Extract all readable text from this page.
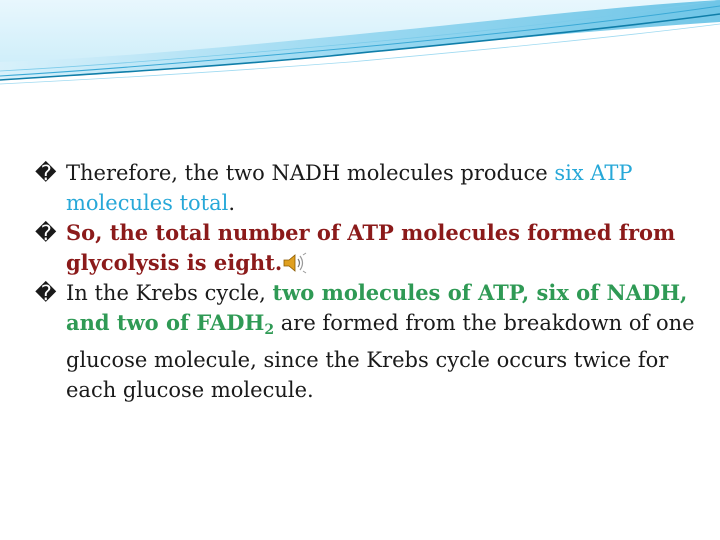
� Therefore, the two NADH molecules produce six ATP molecules total.

� So, the total number of ATP molecules formed from glycolysis is eight.

� In the Krebs cycle, two molecules of ATP, six of NADH, and two of $FADH_2$ are formed from the breakdown of one glucose molecule, since the Krebs cycle occurs twice for each glucose molecule.
